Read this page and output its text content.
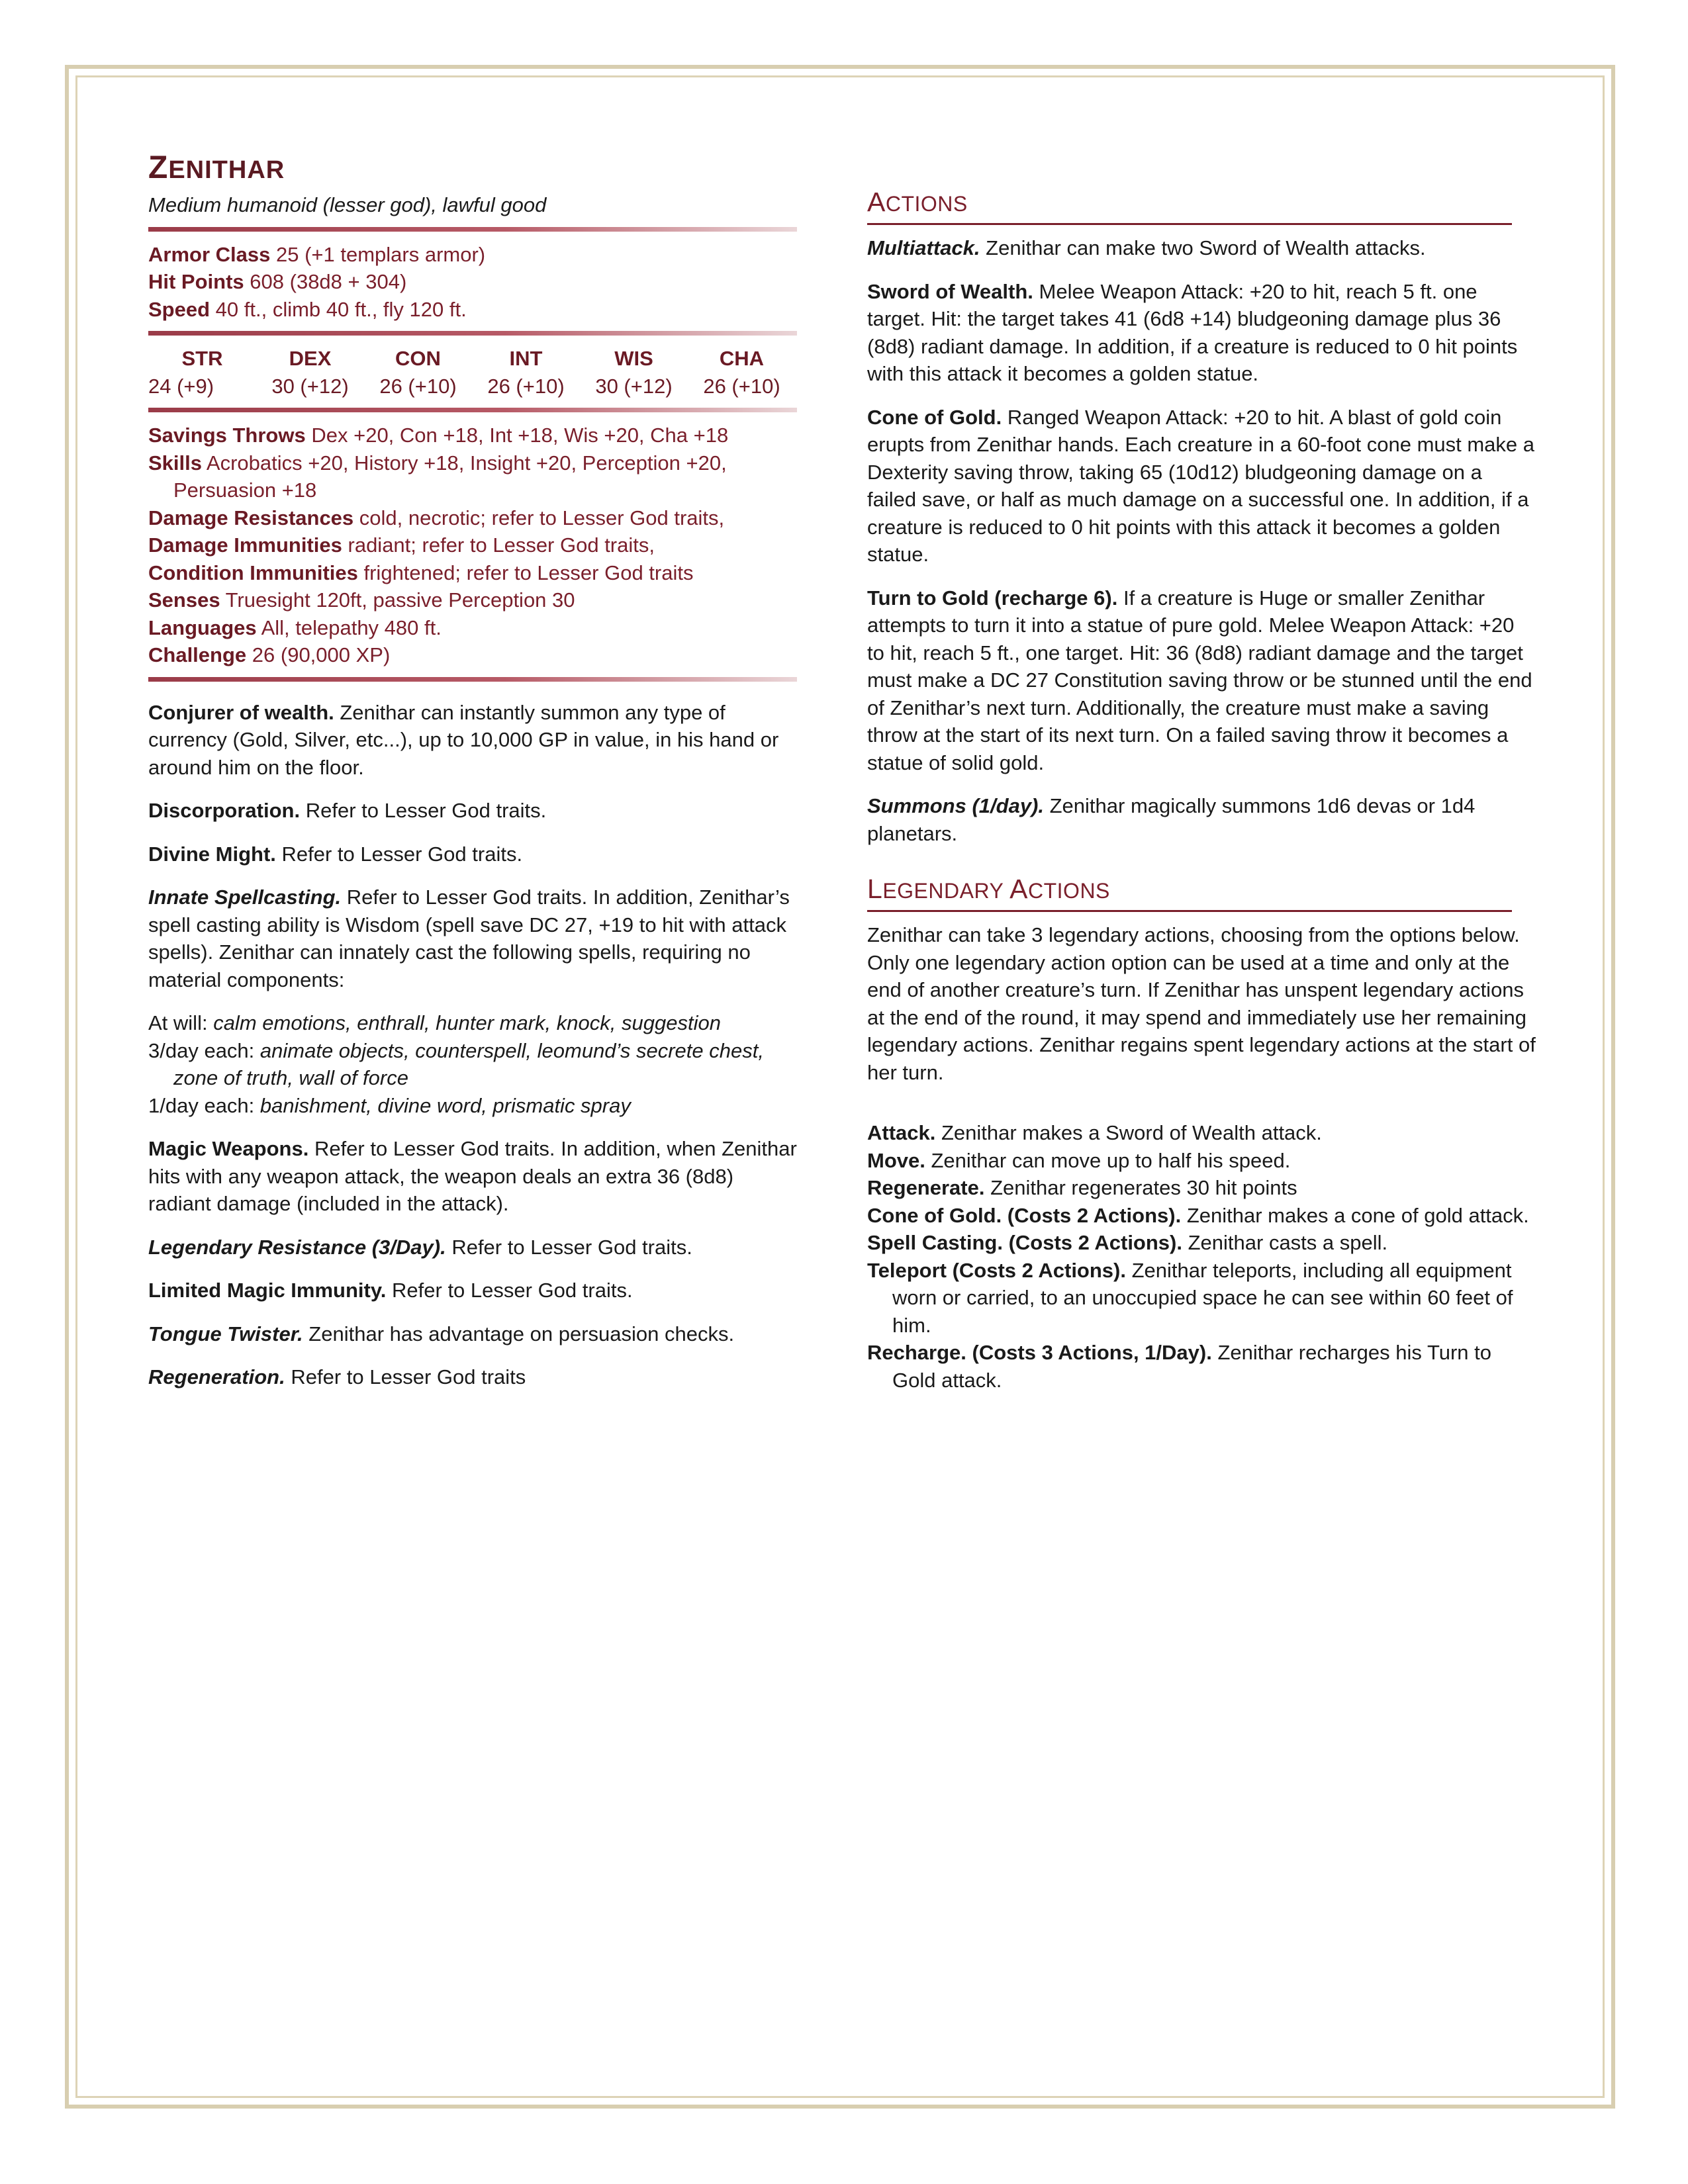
ZENITHAR
Medium humanoid (lesser god), lawful good
Armor Class 25 (+1 templars armor)
Hit Points 608 (38d8 + 304)
Speed 40 ft., climb 40 ft., fly 120 ft.
STR	DEX	CON	INT	WIS	CHA
24 (+9)	30 (+12)	26 (+10)	26 (+10)	30 (+12)	26 (+10)
Savings Throws Dex +20, Con +18, Int +18, Wis +20, Cha +18
Skills Acrobatics +20, History +18, Insight +20, Perception +20, Persuasion +18
Damage Resistances cold, necrotic; refer to Lesser God traits,
Damage Immunities radiant; refer to Lesser God traits,
Condition Immunities frightened; refer to Lesser God traits
Senses Truesight 120ft, passive Perception 30
Languages All, telepathy 480 ft.
Challenge 26 (90,000 XP)

Conjurer of wealth. Zenithar can instantly summon any type of currency (Gold, Silver, etc...), up to 10,000 GP in value, in his hand or around him on the floor.

Discorporation. Refer to Lesser God traits.

Divine Might. Refer to Lesser God traits.

Innate Spellcasting. Refer to Lesser God traits. In addition, Zenithar’s spell casting ability is Wisdom (spell save DC 27, +19 to hit with attack spells). Zenithar can innately cast the following spells, requiring no material components:

At will: calm emotions, enthrall, hunter mark, knock, suggestion
3/day each: animate objects, counterspell, leomund’s secrete chest, zone of truth, wall of force
1/day each: banishment, divine word, prismatic spray

Magic Weapons. Refer to Lesser God traits. In addition, when Zenithar hits with any weapon attack, the weapon deals an extra 36 (8d8) radiant damage (included in the attack).

Legendary Resistance (3/Day). Refer to Lesser God traits.

Limited Magic Immunity. Refer to Lesser God traits.

Tongue Twister. Zenithar has advantage on persuasion checks.

Regeneration. Refer to Lesser God traits

ACTIONS

Multiattack. Zenithar can make two Sword of Wealth attacks.

Sword of Wealth. Melee Weapon Attack: +20 to hit, reach 5 ft. one target. Hit: the target takes 41 (6d8 +14) bludgeoning damage plus 36 (8d8) radiant damage. In addition, if a creature is reduced to 0 hit points with this attack it becomes a golden statue.

Cone of Gold. Ranged Weapon Attack: +20 to hit. A blast of gold coin erupts from Zenithar hands. Each creature in a 60-foot cone must make a Dexterity saving throw, taking 65 (10d12) bludgeoning damage on a failed save, or half as much damage on a successful one. In addition, if a creature is reduced to 0 hit points with this attack it becomes a golden statue.

Turn to Gold (recharge 6). If a creature is Huge or smaller Zenithar attempts to turn it into a statue of pure gold. Melee Weapon Attack: +20 to hit, reach 5 ft., one target. Hit: 36 (8d8) radiant damage and the target must make a DC 27 Constitution saving throw or be stunned until the end of Zenithar’s next turn. Additionally, the creature must make a saving throw at the start of its next turn. On a failed saving throw it becomes a statue of solid gold.

Summons (1/day). Zenithar magically summons 1d6 devas or 1d4 planetars.

LEGENDARY ACTIONS

Zenithar can take 3 legendary actions, choosing from the options below. Only one legendary action option can be used at a time and only at the end of another creature’s turn. If Zenithar has unspent legendary actions at the end of the round, it may spend and immediately use her remaining legendary actions. Zenithar regains spent legendary actions at the start of her turn.

Attack. Zenithar makes a Sword of Wealth attack.
Move. Zenithar can move up to half his speed.
Regenerate. Zenithar regenerates 30 hit points
Cone of Gold. (Costs 2 Actions). Zenithar makes a cone of gold attack.
Spell Casting. (Costs 2 Actions). Zenithar casts a spell.
Teleport (Costs 2 Actions). Zenithar teleports, including all equipment worn or carried, to an unoccupied space he can see within 60 feet of him.
Recharge. (Costs 3 Actions, 1/Day). Zenithar recharges his Turn to Gold attack.
